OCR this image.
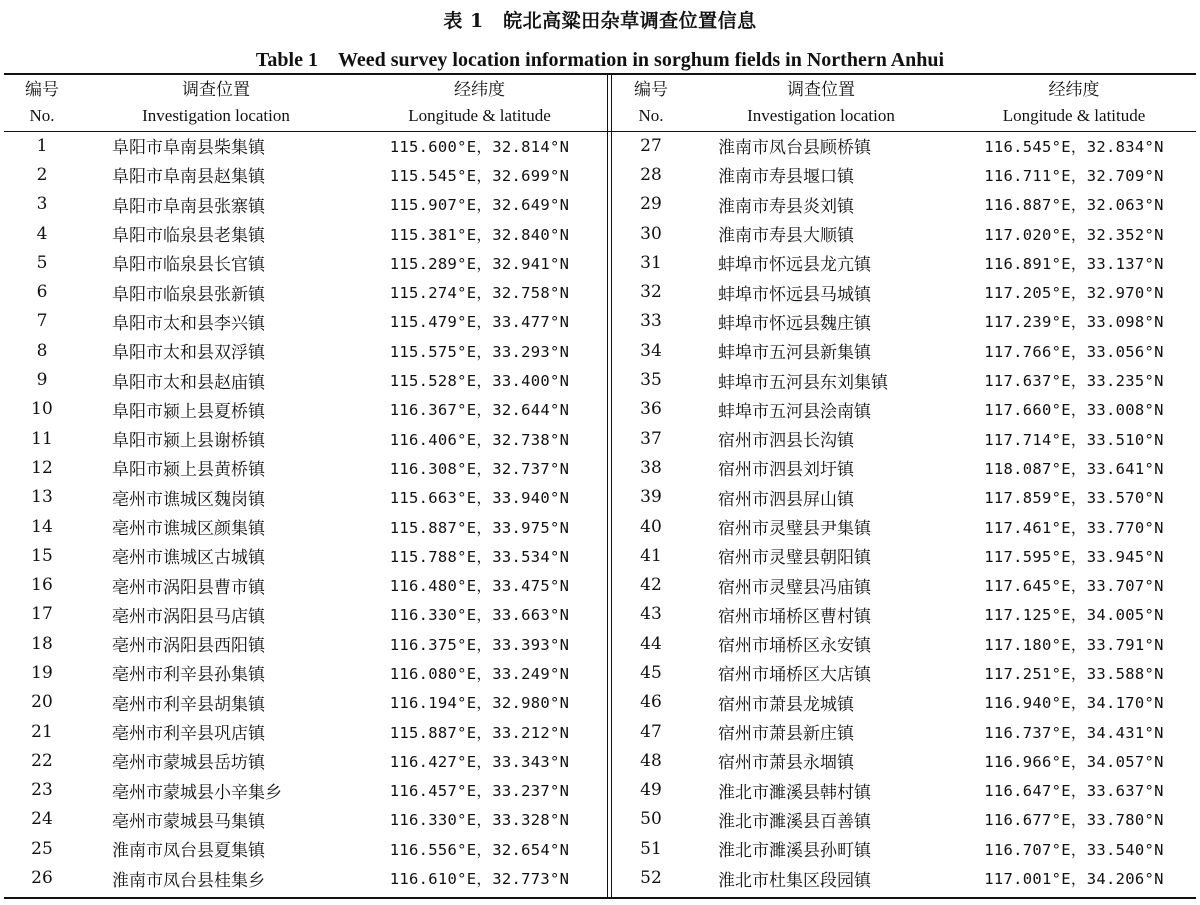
表 1　皖北高粱田杂草调查位置信息
Table 1　Weed survey location information in sorghum fields in Northern Anhui
编号
No.
调查位置
Investigation location
经纬度
Longitude & latitude
1	阜阳市阜南县柴集镇	115.600°E，32.814°N
2	阜阳市阜南县赵集镇	115.545°E，32.699°N
3	阜阳市阜南县张寨镇	115.907°E，32.649°N
4	阜阳市临泉县老集镇	115.381°E，32.840°N
5	阜阳市临泉县长官镇	115.289°E，32.941°N
6	阜阳市临泉县张新镇	115.274°E，32.758°N
7	阜阳市太和县李兴镇	115.479°E，33.477°N
8	阜阳市太和县双浮镇	115.575°E，33.293°N
9	阜阳市太和县赵庙镇	115.528°E，33.400°N
10	阜阳市颍上县夏桥镇	116.367°E，32.644°N
11	阜阳市颍上县谢桥镇	116.406°E，32.738°N
12	阜阳市颍上县黄桥镇	116.308°E，32.737°N
13	亳州市谯城区魏岗镇	115.663°E，33.940°N
14	亳州市谯城区颜集镇	115.887°E，33.975°N
15	亳州市谯城区古城镇	115.788°E，33.534°N
16	亳州市涡阳县曹市镇	116.480°E，33.475°N
17	亳州市涡阳县马店镇	116.330°E，33.663°N
18	亳州市涡阳县西阳镇	116.375°E，33.393°N
19	亳州市利辛县孙集镇	116.080°E，33.249°N
20	亳州市利辛县胡集镇	116.194°E，32.980°N
21	亳州市利辛县巩店镇	115.887°E，33.212°N
22	亳州市蒙城县岳坊镇	116.427°E，33.343°N
23	亳州市蒙城县小辛集乡	116.457°E，33.237°N
24	亳州市蒙城县马集镇	116.330°E，33.328°N
25	淮南市凤台县夏集镇	116.556°E，32.654°N
26	淮南市凤台县桂集乡	116.610°E，32.773°N
编号
No.
调查位置
Investigation location
经纬度
Longitude & latitude
27	淮南市凤台县顾桥镇	116.545°E，32.834°N
28	淮南市寿县堰口镇	116.711°E，32.709°N
29	淮南市寿县炎刘镇	116.887°E，32.063°N
30	淮南市寿县大顺镇	117.020°E，32.352°N
31	蚌埠市怀远县龙亢镇	116.891°E，33.137°N
32	蚌埠市怀远县马城镇	117.205°E，32.970°N
33	蚌埠市怀远县魏庄镇	117.239°E，33.098°N
34	蚌埠市五河县新集镇	117.766°E，33.056°N
35	蚌埠市五河县东刘集镇	117.637°E，33.235°N
36	蚌埠市五河县浍南镇	117.660°E，33.008°N
37	宿州市泗县长沟镇	117.714°E，33.510°N
38	宿州市泗县刘圩镇	118.087°E，33.641°N
39	宿州市泗县屏山镇	117.859°E，33.570°N
40	宿州市灵璧县尹集镇	117.461°E，33.770°N
41	宿州市灵璧县朝阳镇	117.595°E，33.945°N
42	宿州市灵璧县冯庙镇	117.645°E，33.707°N
43	宿州市埇桥区曹村镇	117.125°E，34.005°N
44	宿州市埇桥区永安镇	117.180°E，33.791°N
45	宿州市埇桥区大店镇	117.251°E，33.588°N
46	宿州市萧县龙城镇	116.940°E，34.170°N
47	宿州市萧县新庄镇	116.737°E，34.431°N
48	宿州市萧县永堌镇	116.966°E，34.057°N
49	淮北市濉溪县韩村镇	116.647°E，33.637°N
50	淮北市濉溪县百善镇	116.677°E，33.780°N
51	淮北市濉溪县孙町镇	116.707°E，33.540°N
52	淮北市杜集区段园镇	117.001°E，34.206°N
